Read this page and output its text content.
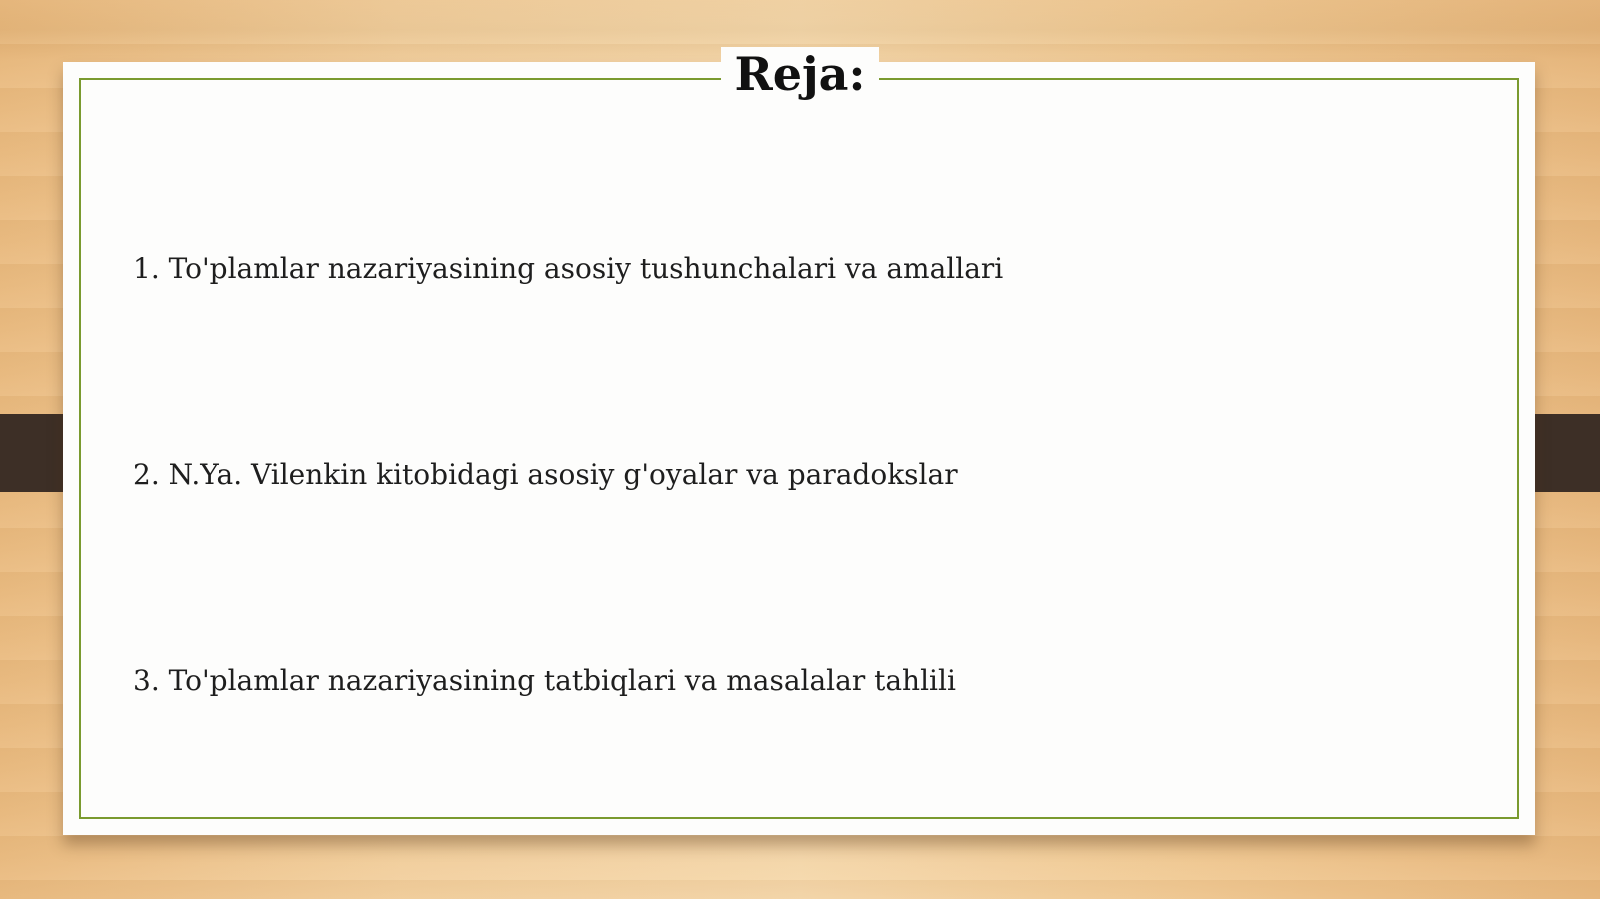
Reja:
1. To'plamlar nazariyasining asosiy tushunchalari va amallari
2. N.Ya. Vilenkin kitobidagi asosiy g'oyalar va paradokslar
3. To'plamlar nazariyasining tatbiqlari va masalalar tahlili
